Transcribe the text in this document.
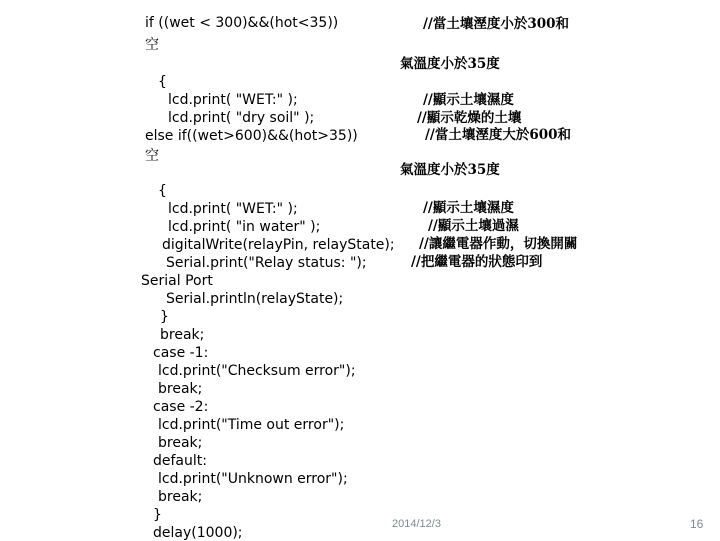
if ((wet < 300)&&(hot<35))
空
{
lcd.print( "WET:" );
lcd.print( "dry soil" );
else if((wet>600)&&(hot>35))
空
{
lcd.print( "WET:" );
lcd.print( "in water" );
digitalWrite(relayPin, relayState);
Serial.print("Relay status: ");
Serial Port
Serial.println(relayState);
}
break;
case -1:
lcd.print("Checksum error");
break;
case -2:
lcd.print("Time out error");
break;
default:
lcd.print("Unknown error");
break;
}
delay(1000);
//當土壤溼度小於300和
氣溫度小於35度
//顯示土壤濕度
//顯示乾燥的土壤
//當土壤溼度大於600和
氣溫度小於35度
//顯示土壤濕度
//顯示土壤過濕
//讓繼電器作動，切換開關
//把繼電器的狀態印到
2014/12/3	16
